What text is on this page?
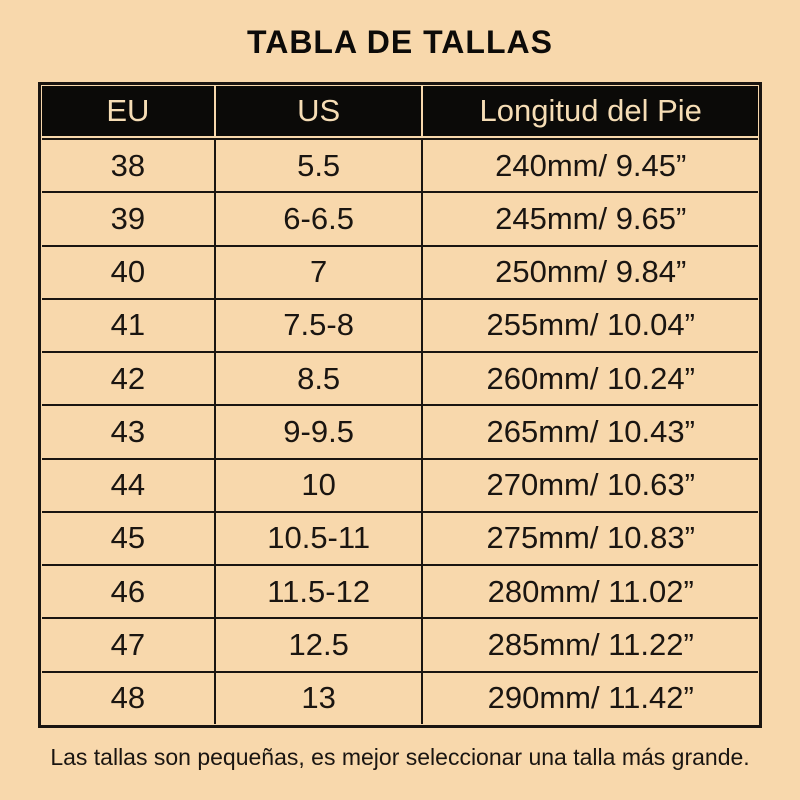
TABLA DE TALLAS
EU	US	Longitud del Pie
38	5.5	240mm/ 9.45”
39	6-6.5	245mm/ 9.65”
40	7	250mm/ 9.84”
41	7.5-8	255mm/ 10.04”
42	8.5	260mm/ 10.24”
43	9-9.5	265mm/ 10.43”
44	10	270mm/ 10.63”
45	10.5-11	275mm/ 10.83”
46	11.5-12	280mm/ 11.02”
47	12.5	285mm/ 11.22”
48	13	290mm/ 11.42”
Las tallas son pequeñas, es mejor seleccionar una talla más grande.
